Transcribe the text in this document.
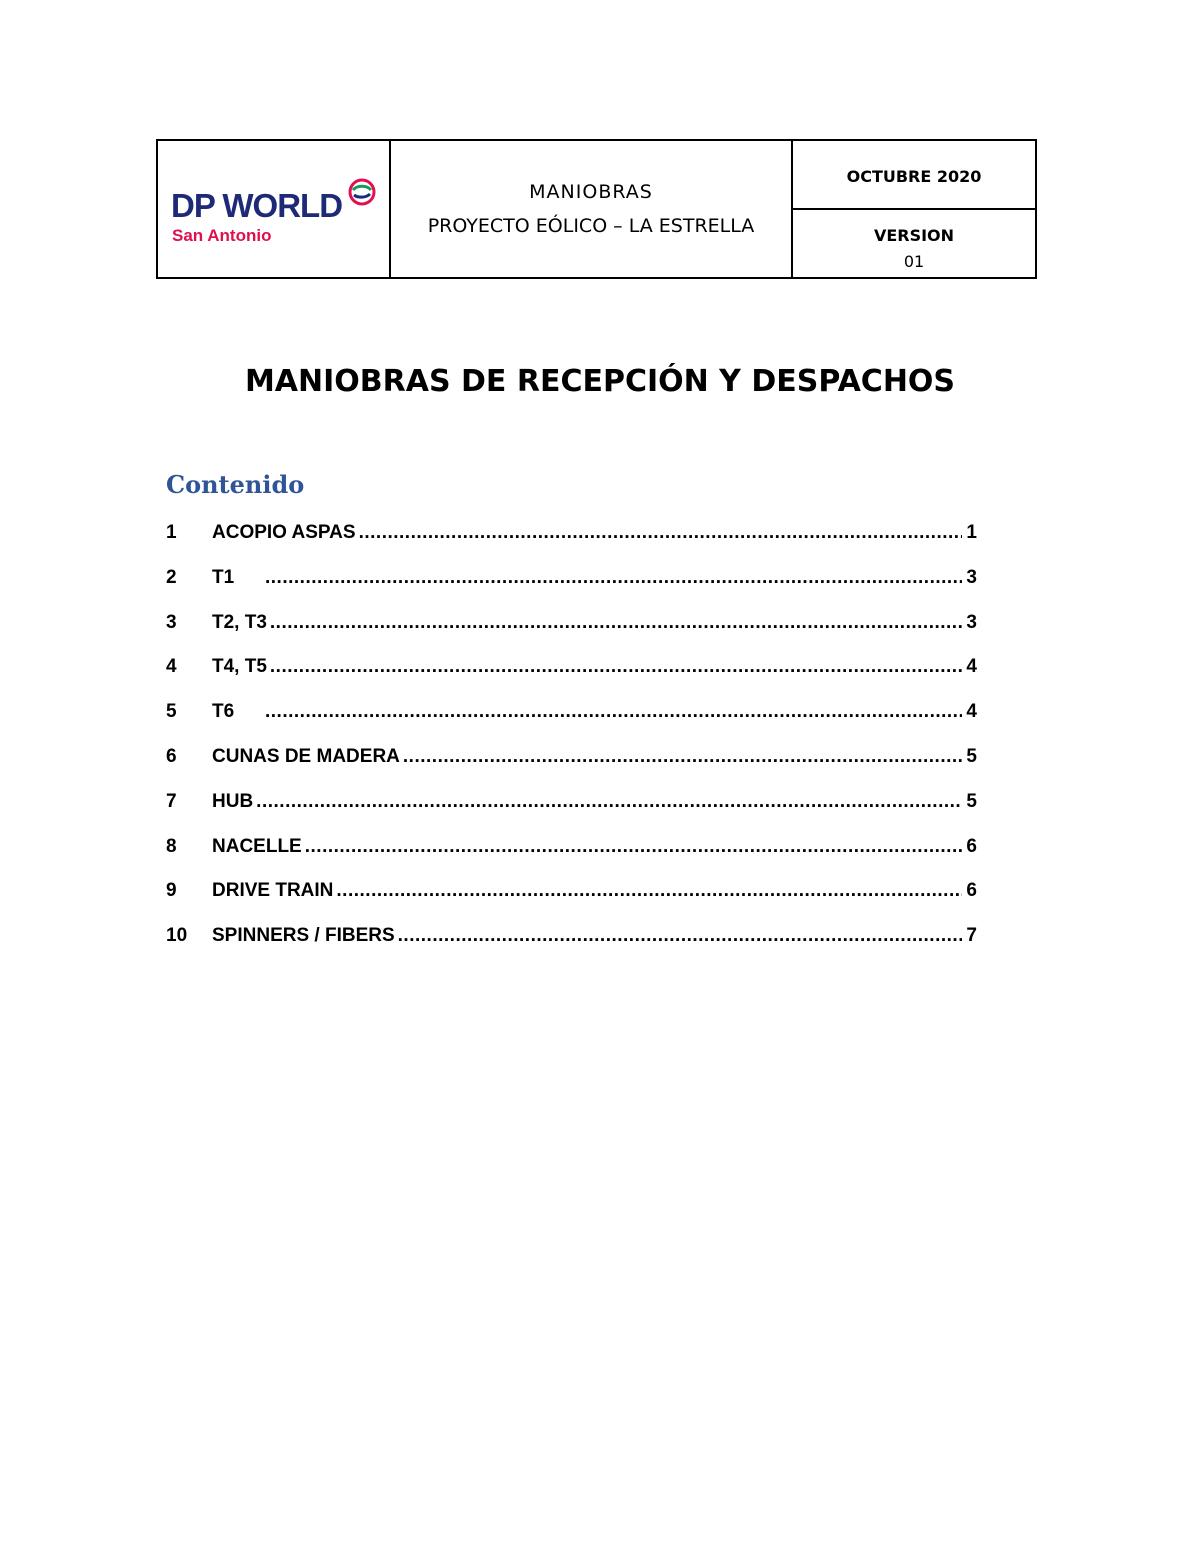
DP WORLD
San Antonio
MANIOBRAS
PROYECTO EÓLICO – LA ESTRELLA
OCTUBRE 2020
VERSION
01
MANIOBRAS DE RECEPCIÓN Y DESPACHOS
Contenido
1	ACOPIO ASPAS .....	1
2	T1 .....	3
3	T2, T3 .....	3
4	T4, T5 .....	4
5	T6 .....	4
6	CUNAS DE MADERA .....	5
7	HUB .....	5
8	NACELLE .....	6
9	DRIVE TRAIN .....	6
10	SPINNERS / FIBERS .....	7
